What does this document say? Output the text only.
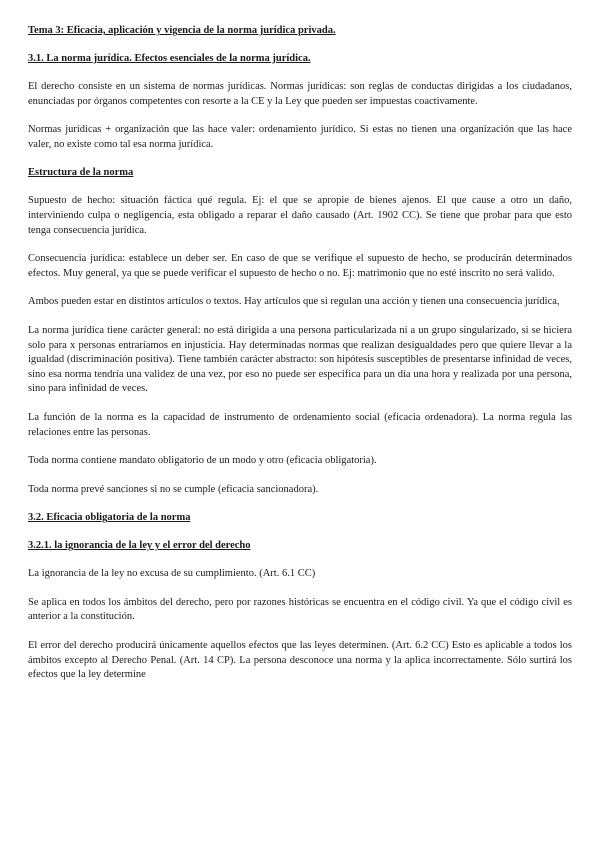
Tema 3: Eficacia, aplicación y vigencia de la norma jurídica privada.
3.1. La norma jurídica. Efectos esenciales de la norma jurídica.

El derecho consiste en un sistema de normas jurídicas. Normas jurídicas: son reglas de conductas dirigidas a los ciudadanos, enunciadas por órganos competentes con resorte a la CE y la Ley que pueden ser impuestas coactivamente.

Normas jurídicas + organización que las hace valer: ordenamiento jurídico. Si estas no tienen una organización que las hace valer, no existe como tal esa norma jurídica.

Estructura de la norma

Supuesto de hecho: situación fáctica qué regula. Ej: el que se apropie de bienes ajenos. El que cause a otro un daño, interviniendo culpa o negligencia, esta obligado a reparar el daño causado (Art. 1902 CC). Se tiene que probar para que esto tenga consecuencia jurídica.

Consecuencia jurídica: establece un deber ser. En caso de que se verifique el supuesto de hecho, se producirán determinados efectos. Muy general, ya que se puede verificar el supuesto de hecho o no. Ej: matrimonio que no esté inscrito no será valido.

Ambos pueden estar en distintos artículos o textos. Hay artículos que si regulan una acción y tienen una consecuencia jurídica,

La norma jurídica tiene carácter general: no está dirigida a una persona particularizada ni a un grupo singularizado, si se hiciera solo para x personas entraríamos en injusticia. Hay determinadas normas que realizan desigualdades pero que quiere llevar a la igualdad (discriminación positiva). Tiene también carácter abstracto: son hipótesis susceptibles de presentarse infinidad de veces, sino esa norma tendría una validez de una vez, por eso no puede ser especifica para un día una hora y realizada por una persona, sino para infinidad de veces.

La función de la norma es la capacidad de instrumento de ordenamiento social (eficacia ordenadora). La norma regula las relaciones entre las personas.

Toda norma contiene mandato obligatorio de un modo y otro (eficacia obligatoria).

Toda norma prevé sanciones si no se cumple (eficacia sancionadora).

3.2. Eficacia obligatoria de la norma
3.2.1. la ignorancia de la ley y el error del derecho

La ignorancia de la ley no excusa de su cumplimiento. (Art. 6.1 CC)

Se aplica en todos los ámbitos del derecho, pero por razones históricas se encuentra en el código civil. Ya que el código civil es anterior a la constitución.

El error del derecho producirá únicamente aquellos efectos que las leyes determinen. (Art. 6.2 CC) Esto es aplicable a todos los ámbitos excepto al Derecho Penal. (Art. 14 CP). La persona desconoce una norma y la aplica incorrectamente. Sólo surtirá los efectos que la ley determine
